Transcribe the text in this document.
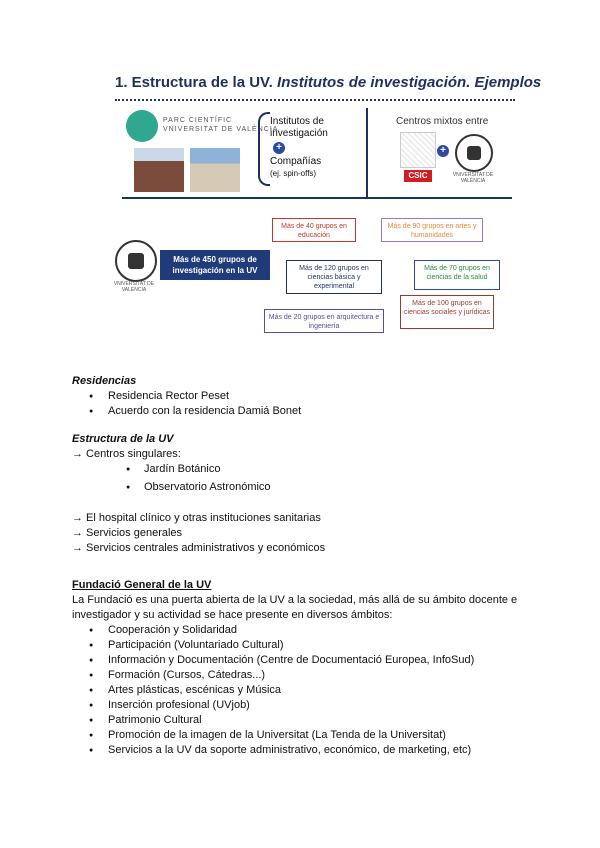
1. Estructura de la UV. Institutos de investigación. Ejemplos
PARC CIENTÍFIC
VNIVERSITAT DE VALÈNCIA
Institutos de investigación
+
Compañías
(ej. spin-offs)
Centros mixtos entre
CSIC
+
VNIVERSITAT DE VALÈNCIA
VNIVERSITAT DE VALÈNCIA
Más de 450 grupos de investigación en la UV
Más de 40 grupos en educación
Más de 90 grupos en artes y humanidades
Más de 120 grupos en ciencias básica y experimental
Más de 70 grupos en ciencias de la salud
Más de 100 grupos en ciencias sociales y jurídicas
Más de 20 grupos en arquitectura e ingeniería
Residencias
● Residencia Rector Peset
● Acuerdo con la residencia Damiá Bonet
Estructura de la UV
→ Centros singulares:
● Jardín Botánico
● Observatorio Astronómico
→ El hospital clínico y otras instituciones sanitarias
→ Servicios generales
→ Servicios centrales administrativos y económicos
Fundació General de la UV
La Fundació es una puerta abierta de la UV a la sociedad, más allá de su ámbito docente e
investigador y su actividad se hace presente en diversos ámbitos:
● Cooperación y Solidaridad
● Participación (Voluntariado Cultural)
● Información y Documentación (Centre de Documentació Europea, InfoSud)
● Formación (Cursos, Cátedras...)
● Artes plásticas, escénicas y Música
● Inserción profesional (UVjob)
● Patrimonio Cultural
● Promoción de la imagen de la Universitat (La Tenda de la Universitat)
● Servicios a la UV da soporte administrativo, económico, de marketing, etc)
